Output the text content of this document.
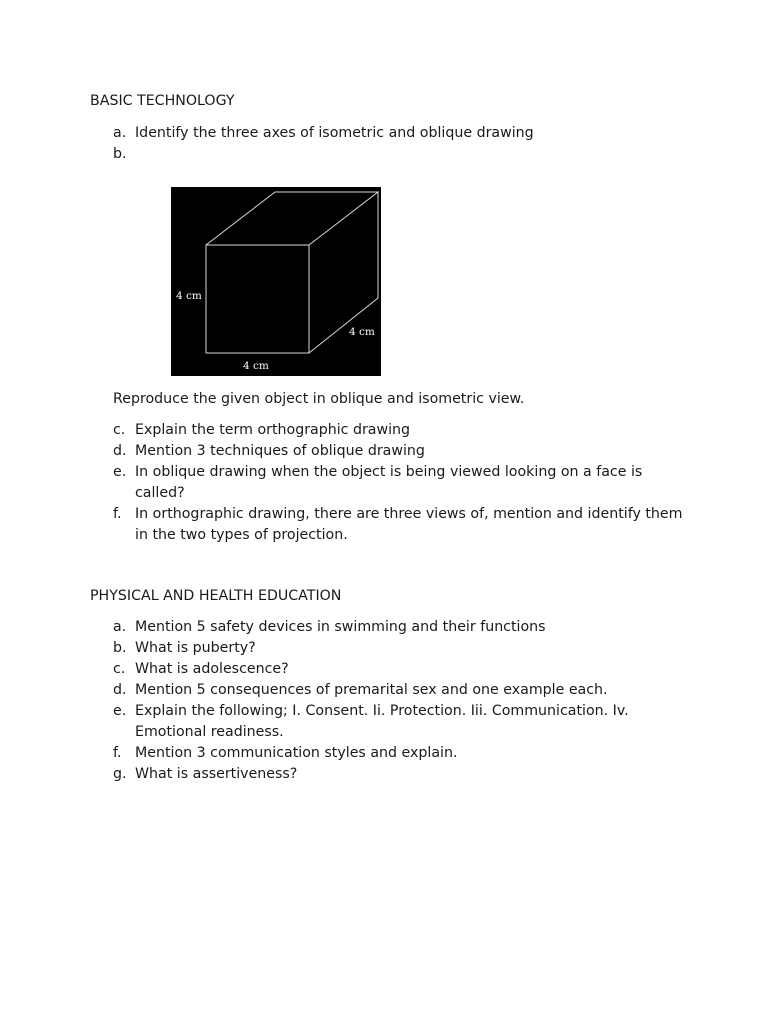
BASIC TECHNOLOGY
a. Identify the three axes of isometric and oblique drawing
b.
4 cm
4 cm
4 cm

Reproduce the given object in oblique and isometric view.

c. Explain the term orthographic drawing
d. Mention 3 techniques of oblique drawing
e. In oblique drawing when the object is being viewed looking on a face is called?
f. In orthographic drawing, there are three views of, mention and identify them in the two types of projection.
PHYSICAL AND HEALTH EDUCATION
a. Mention 5 safety devices in swimming and their functions
b. What is puberty?
c. What is adolescence?
d. Mention 5 consequences of premarital sex and one example each.
e. Explain the following; I. Consent. Ii. Protection. Iii. Communication. Iv. Emotional readiness.
f. Mention 3 communication styles and explain.
g. What is assertiveness?
